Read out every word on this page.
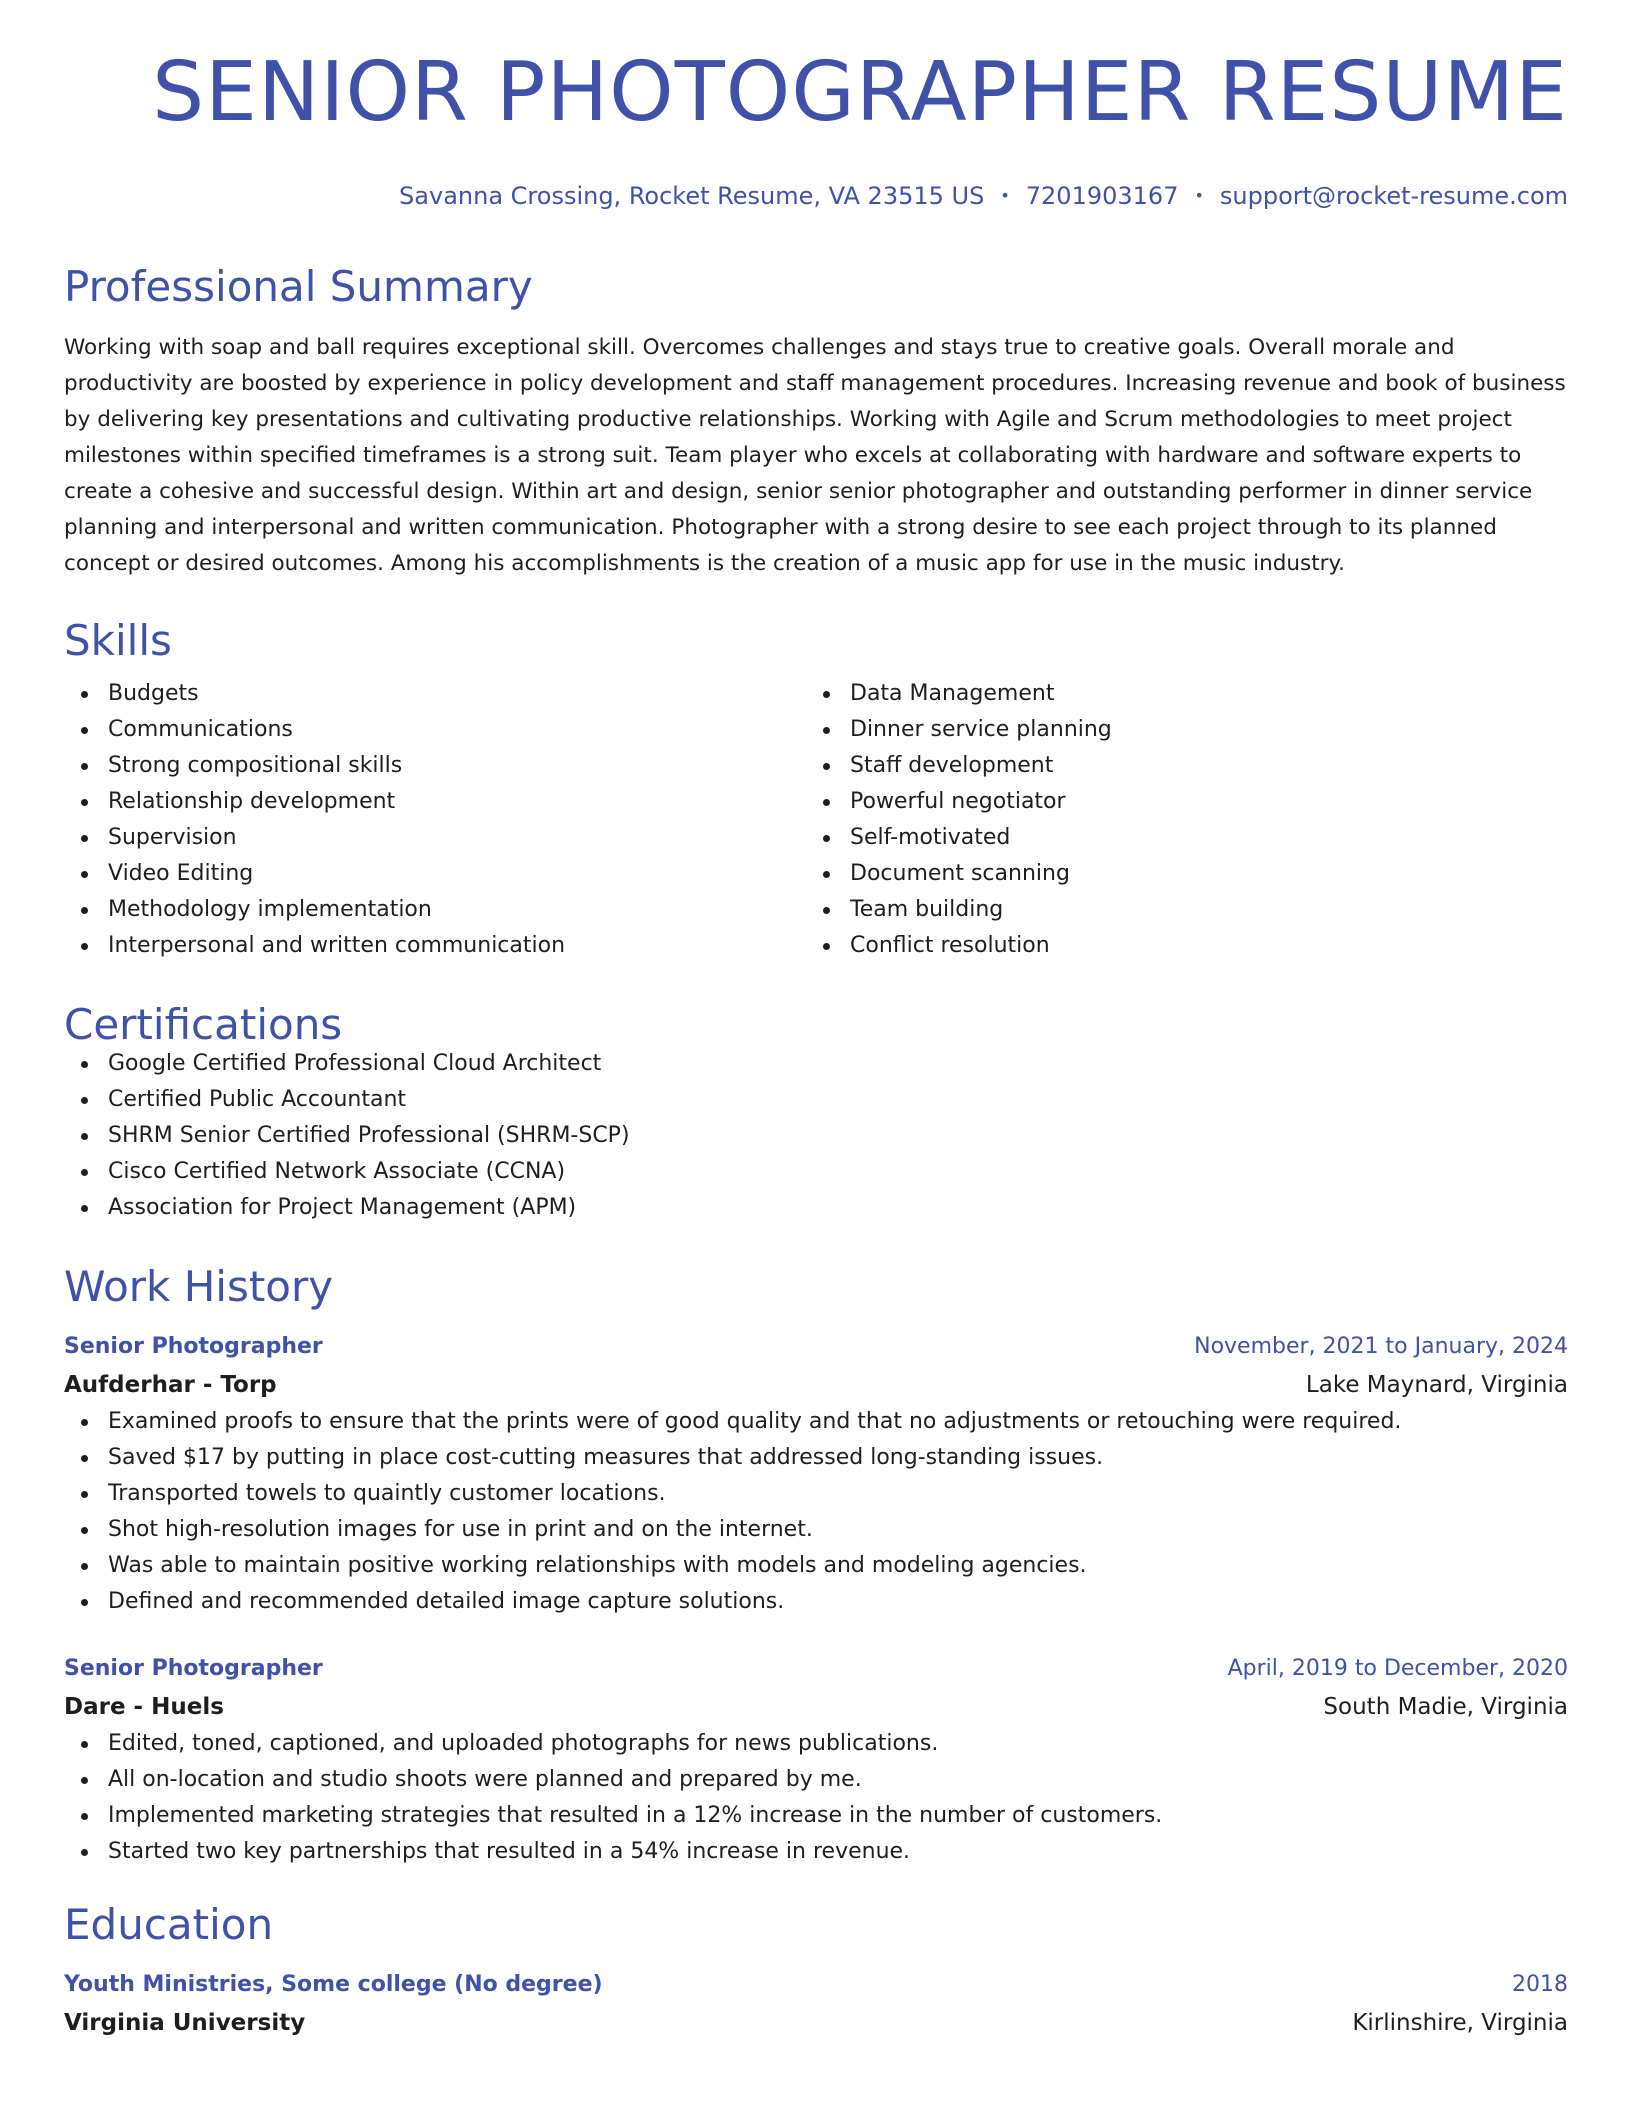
SENIOR PHOTOGRAPHER RESUME
Savanna Crossing, Rocket Resume, VA 23515 US • 7201903167 • support@rocket-resume.com
Professional Summary
Working with soap and ball requires exceptional skill. Overcomes challenges and stays true to creative goals. Overall morale and productivity are boosted by experience in policy development and staff management procedures. Increasing revenue and book of business by delivering key presentations and cultivating productive relationships. Working with Agile and Scrum methodologies to meet project milestones within specified timeframes is a strong suit. Team player who excels at collaborating with hardware and software experts to create a cohesive and successful design. Within art and design, senior senior photographer and outstanding performer in dinner service planning and interpersonal and written communication. Photographer with a strong desire to see each project through to its planned concept or desired outcomes. Among his accomplishments is the creation of a music app for use in the music industry.
Skills
Budgets
Communications
Strong compositional skills
Relationship development
Supervision
Video Editing
Methodology implementation
Interpersonal and written communication
Data Management
Dinner service planning
Staff development
Powerful negotiator
Self-motivated
Document scanning
Team building
Conflict resolution
Certifications
Google Certified Professional Cloud Architect
Certified Public Accountant
SHRM Senior Certified Professional (SHRM-SCP)
Cisco Certified Network Associate (CCNA)
Association for Project Management (APM)
Work History
Senior Photographer	November, 2021 to January, 2024
Aufderhar - Torp	Lake Maynard, Virginia
Examined proofs to ensure that the prints were of good quality and that no adjustments or retouching were required.
Saved $17 by putting in place cost-cutting measures that addressed long-standing issues.
Transported towels to quaintly customer locations.
Shot high-resolution images for use in print and on the internet.
Was able to maintain positive working relationships with models and modeling agencies.
Defined and recommended detailed image capture solutions.
Senior Photographer	April, 2019 to December, 2020
Dare - Huels	South Madie, Virginia
Edited, toned, captioned, and uploaded photographs for news publications.
All on-location and studio shoots were planned and prepared by me.
Implemented marketing strategies that resulted in a 12% increase in the number of customers.
Started two key partnerships that resulted in a 54% increase in revenue.
Education
Youth Ministries, Some college (No degree)	2018
Virginia University	Kirlinshire, Virginia
